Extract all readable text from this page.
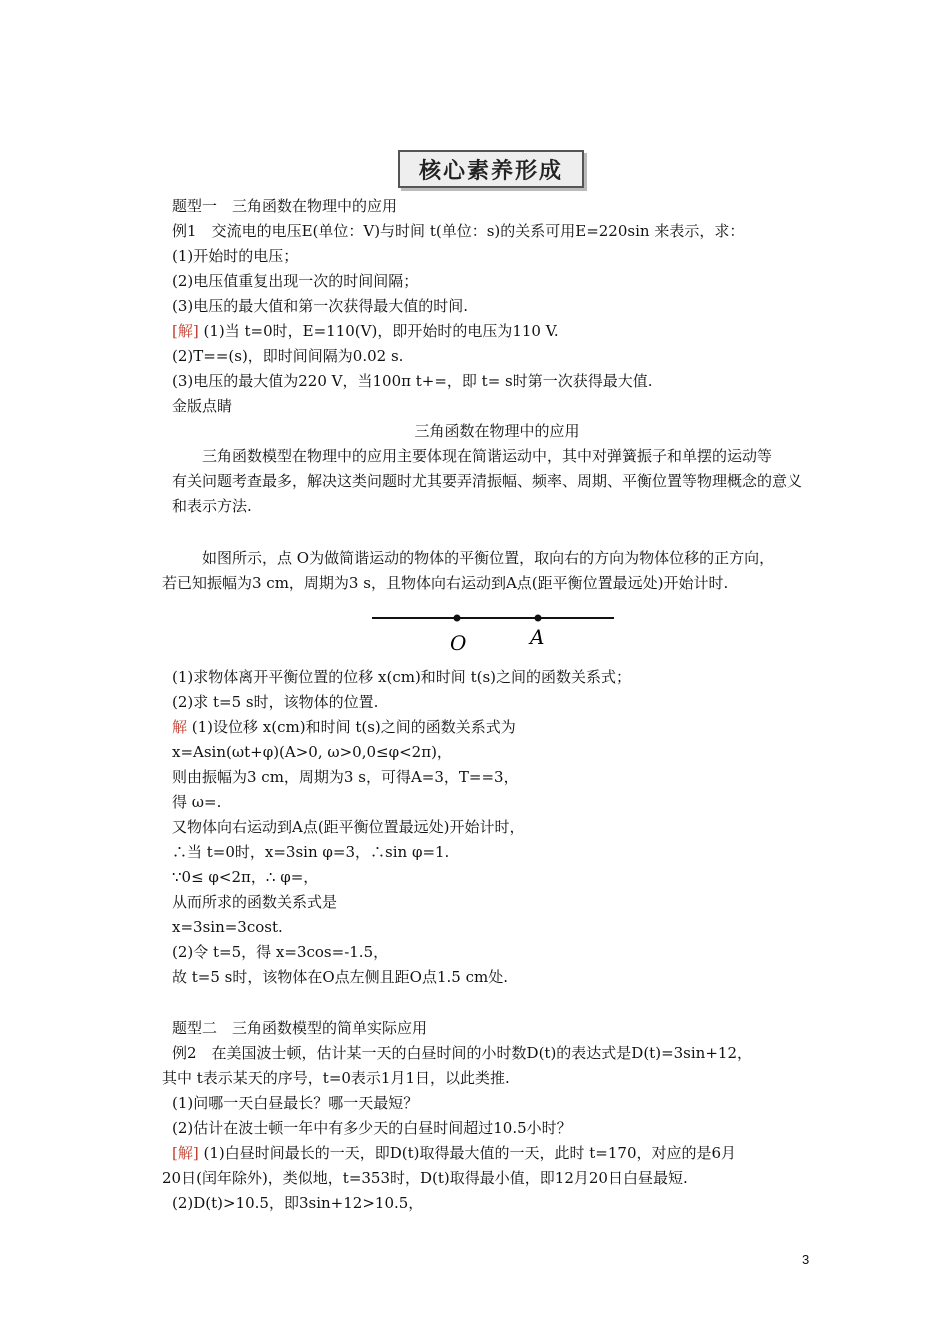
核心素养形成
题型一　三角函数在物理中的应用
例1　 交流电的电压E(单位：V)与时间 t(单位：s)的关系可用E=220sin 来表示，求：
(1)开始时的电压；
(2)电压值重复出现一次的时间间隔；
(3)电压的最大值和第一次获得最大值的时间.
[解] (1)当 t=0时，E=110(V)，即开始时的电压为110 V.
(2)T==(s)，即时间间隔为0.02 s.
(3)电压的最大值为220 V，当100π t+=，即 t= s时第一次获得最大值.
金版点睛
三角函数在物理中的应用
　　三角函数模型在物理中的应用主要体现在简谐运动中，其中对弹簧振子和单摆的运动等
有关问题考查最多，解决这类问题时尤其要弄清振幅、频率、周期、平衡位置等物理概念的意义
和表示方法.
　　如图所示，点 O为做简谐运动的物体的平衡位置，取向右的方向为物体位移的正方向，
若已知振幅为3 cm，周期为3 s，且物体向右运动到A点(距平衡位置最远处)开始计时.
O	A
(1)求物体离开平衡位置的位移 x(cm)和时间 t(s)之间的函数关系式；
(2)求 t=5 s时，该物体的位置.
解 (1)设位移 x(cm)和时间 t(s)之间的函数关系式为
x=Asin(ωt+φ)(A>0, ω>0,0≤φ<2π)，
则由振幅为3 cm，周期为3 s，可得A=3，T==3，
得 ω=.
又物体向右运动到A点(距平衡位置最远处)开始计时，
∴当 t=0时，x=3sin φ=3，∴sin φ=1.
∵0≤ φ<2π，∴ φ=，
从而所求的函数关系式是
x=3sin=3cost.
(2)令 t=5，得 x=3cos=-1.5，
故 t=5 s时，该物体在O点左侧且距O点1.5 cm处.
题型二　三角函数模型的简单实际应用
例2　在美国波士顿，估计某一天的白昼时间的小时数D(t)的表达式是D(t)=3sin+12，
其中 t表示某天的序号，t=0表示1月1日，以此类推.
(1)问哪一天白昼最长？哪一天最短？
(2)估计在波士顿一年中有多少天的白昼时间超过10.5小时？
[解] (1)白昼时间最长的一天，即D(t)取得最大值的一天，此时 t=170，对应的是6月
20日(闰年除外)，类似地，t=353时，D(t)取得最小值，即12月20日白昼最短.
(2)D(t)>10.5，即3sin+12>10.5，
3
